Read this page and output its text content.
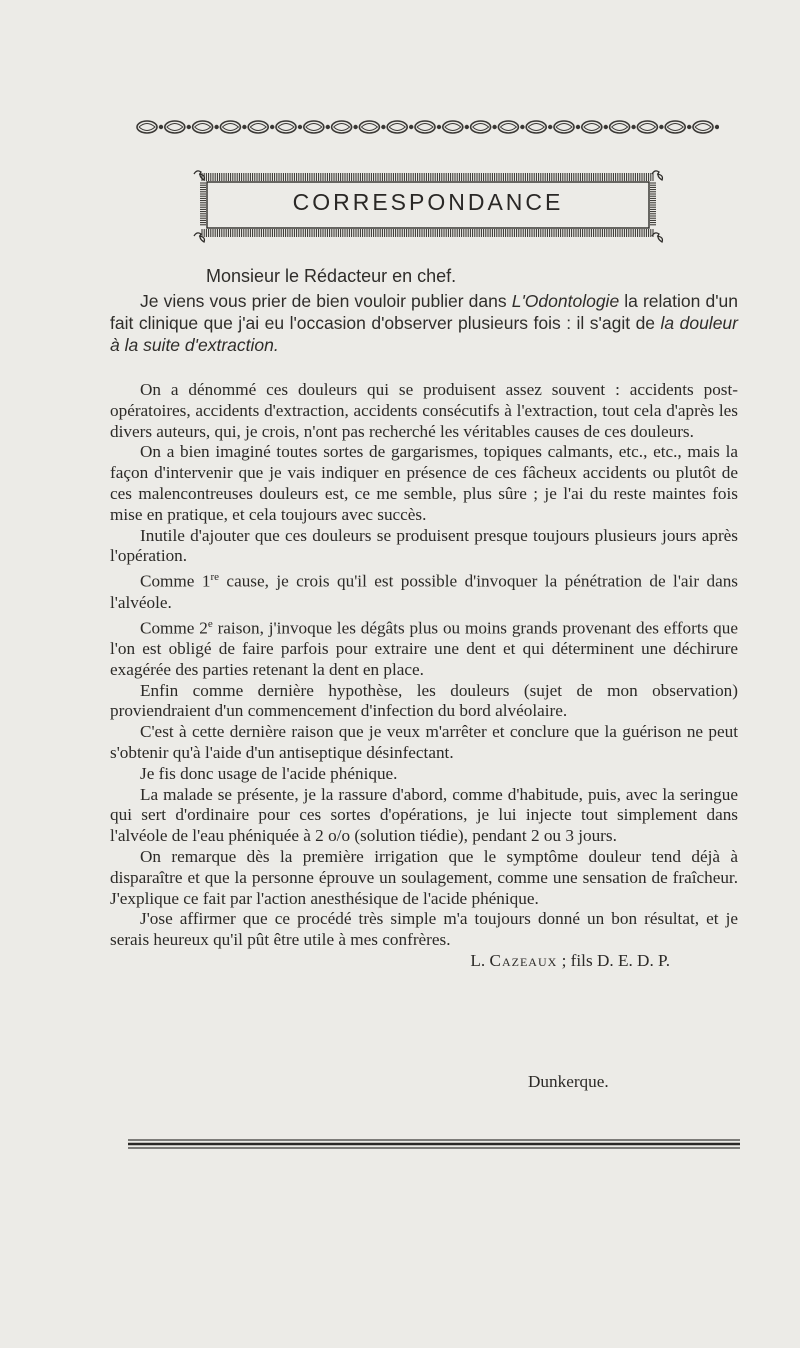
CORRESPONDANCE
Monsieur le Rédacteur en chef.

Je viens vous prier de bien vouloir publier dans L'Odontologie la relation d'un fait clinique que j'ai eu l'occasion d'observer plusieurs fois : il s'agit de la douleur à la suite d'extraction.

On a dénommé ces douleurs qui se produisent assez souvent : accidents post-opératoires, accidents d'extraction, accidents consécutifs à l'extraction, tout cela d'après les divers auteurs, qui, je crois, n'ont pas recherché les véritables causes de ces douleurs.

On a bien imaginé toutes sortes de gargarismes, topiques calmants, etc., etc., mais la façon d'intervenir que je vais indiquer en présence de ces fâcheux accidents ou plutôt de ces malencontreuses douleurs est, ce me semble, plus sûre ; je l'ai du reste maintes fois mise en pratique, et cela toujours avec succès.

Inutile d'ajouter que ces douleurs se produisent presque toujours plusieurs jours après l'opération.

Comme 1re cause, je crois qu'il est possible d'invoquer la pénétration de l'air dans l'alvéole.

Comme 2e raison, j'invoque les dégâts plus ou moins grands provenant des efforts que l'on est obligé de faire parfois pour extraire une dent et qui déterminent une déchirure exagérée des parties retenant la dent en place.

Enfin comme dernière hypothèse, les douleurs (sujet de mon observation) proviendraient d'un commencement d'infection du bord alvéolaire.

C'est à cette dernière raison que je veux m'arrêter et conclure que la guérison ne peut s'obtenir qu'à l'aide d'un antiseptique désinfectant.

Je fis donc usage de l'acide phénique.

La malade se présente, je la rassure d'abord, comme d'habitude, puis, avec la seringue qui sert d'ordinaire pour ces sortes d'opérations, je lui injecte tout simplement dans l'alvéole de l'eau phéniquée à 2 o/o (solution tiédie), pendant 2 ou 3 jours.

On remarque dès la première irrigation que le symptôme douleur tend déjà à disparaître et que la personne éprouve un soulagement, comme une sensation de fraîcheur. J'explique ce fait par l'action anesthésique de l'acide phénique.

J'ose affirmer que ce procédé très simple m'a toujours donné un bon résultat, et je serais heureux qu'il pût être utile à mes confrères.

L. Cazeaux ; fils D. E. D. P.

Dunkerque.
